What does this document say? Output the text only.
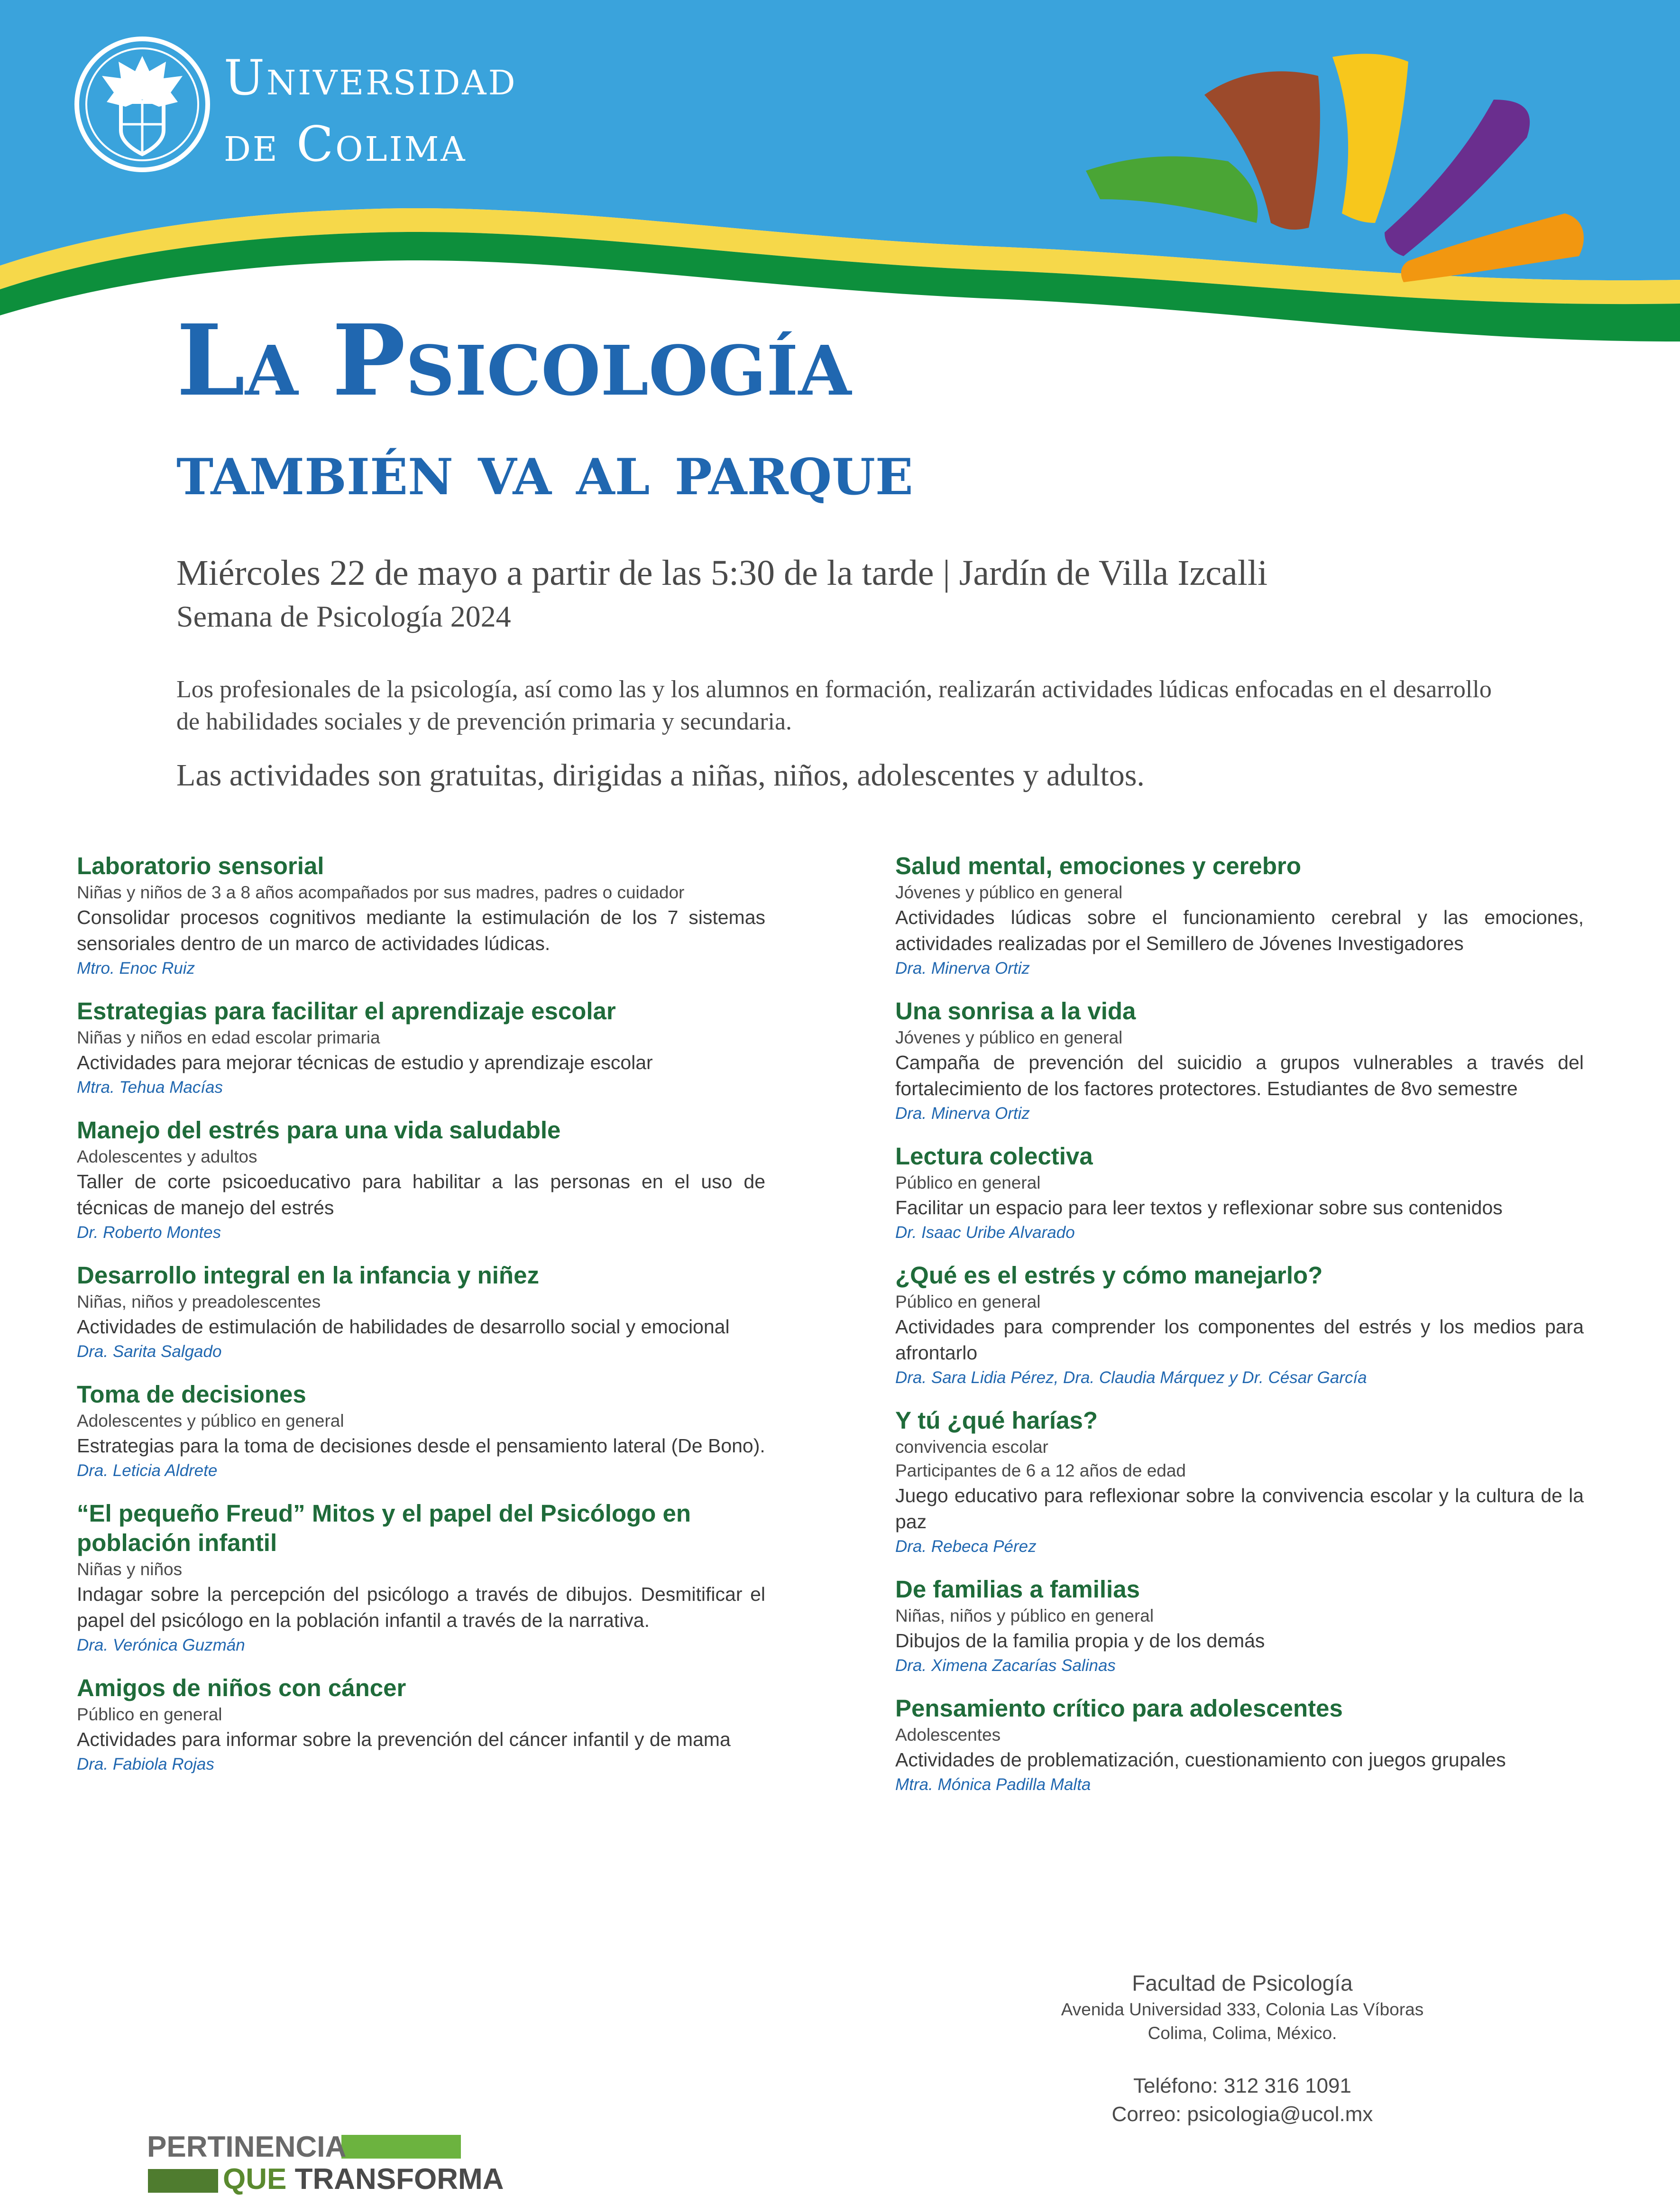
Universidad
de Colima
La Psicología
también va al parque
Miércoles 22 de mayo a partir de las 5:30 de la tarde | Jardín de Villa Izcalli
Semana de Psicología 2024
Los profesionales de la psicología, así como las y los alumnos en formación, realizarán actividades lúdicas enfocadas en el desarrollo de habilidades sociales y de prevención primaria y secundaria.
Las actividades son gratuitas, dirigidas a niñas, niños, adolescentes y adultos.
Laboratorio sensorial
Niñas y niños de 3 a 8 años acompañados por sus madres, padres o cuidador
Consolidar procesos cognitivos mediante la estimulación de los 7 sistemas sensoriales dentro de un marco de actividades lúdicas.
Mtro. Enoc Ruiz
Estrategias para facilitar el aprendizaje escolar
Niñas y niños en edad escolar primaria
Actividades para mejorar técnicas de estudio y aprendizaje escolar
Mtra. Tehua Macías
Manejo del estrés para una vida saludable
Adolescentes y adultos
Taller de corte psicoeducativo para habilitar a las personas en el uso de técnicas de manejo del estrés
Dr. Roberto Montes
Desarrollo integral en la infancia y niñez
Niñas, niños y preadolescentes
Actividades de estimulación de habilidades de desarrollo social y emocional
Dra. Sarita Salgado
Toma de decisiones
Adolescentes y público en general
Estrategias para la toma de decisiones desde el pensamiento lateral (De Bono).
Dra. Leticia Aldrete
“El pequeño Freud” Mitos y el papel del Psicólogo en población infantil
Niñas y niños
Indagar sobre la percepción del psicólogo a través de dibujos. Desmitificar el papel del psicólogo en la población infantil a través de la narrativa.
Dra. Verónica Guzmán
Amigos de niños con cáncer
Público en general
Actividades para informar sobre la prevención del cáncer infantil y de mama
Dra. Fabiola Rojas
Salud mental, emociones y cerebro
Jóvenes y público en general
Actividades lúdicas sobre el funcionamiento cerebral y las emociones, actividades realizadas por el Semillero de Jóvenes Investigadores
Dra. Minerva Ortiz
Una sonrisa a la vida
Jóvenes y público en general
Campaña de prevención del suicidio a grupos vulnerables a través del fortalecimiento de los factores protectores. Estudiantes de 8vo semestre
Dra. Minerva Ortiz
Lectura colectiva
Público en general
Facilitar un espacio para leer textos y reflexionar sobre sus contenidos
Dr. Isaac Uribe Alvarado
¿Qué es el estrés y cómo manejarlo?
Público en general
Actividades para comprender los componentes del estrés y los medios para afrontarlo
Dra. Sara Lidia Pérez, Dra. Claudia Márquez y Dr. César García
Y tú ¿qué harías?
convivencia escolar
Participantes de 6 a 12 años de edad
Juego educativo para reflexionar sobre la convivencia escolar y la cultura de la paz
Dra. Rebeca Pérez
De familias a familias
Niñas, niños y público en general
Dibujos de la familia propia y de los demás
Dra. Ximena Zacarías Salinas
Pensamiento crítico para adolescentes
Adolescentes
Actividades de problematización, cuestionamiento con juegos grupales
Mtra. Mónica Padilla Malta
Facultad de Psicología
Avenida Universidad 333, Colonia Las Víboras
Colima, Colima, México.
Teléfono: 312 316 1091
Correo: psicologia@ucol.mx
PERTINENCIA
QUE TRANSFORMA
